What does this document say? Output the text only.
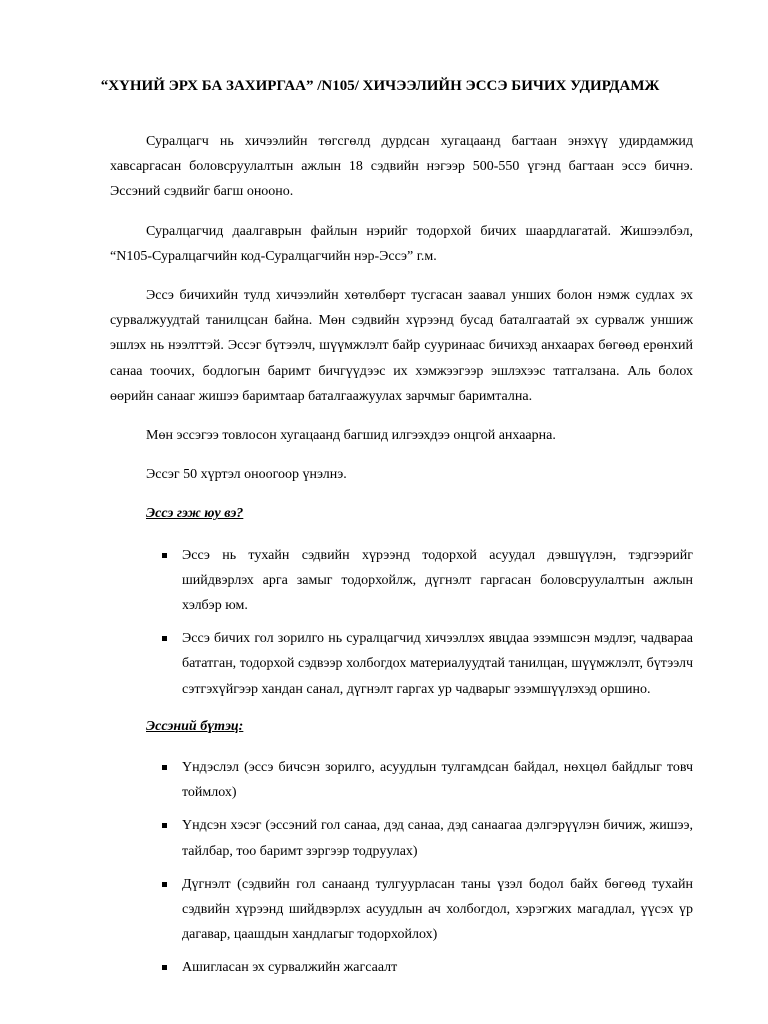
“ХҮНИЙ ЭРХ БА ЗАХИРГАА” /N105/ ХИЧЭЭЛИЙН ЭССЭ БИЧИХ УДИРДАМЖ

Суралцагч нь хичээлийн төгсгөлд дурдсан хугацаанд багтаан энэхүү удирдамжид хавсаргасан боловсруулалтын ажлын 18 сэдвийн нэгээр 500-550 үгэнд багтаан эссэ бичнэ. Эссэний сэдвийг багш онооно.

Суралцагчид даалгаврын файлын нэрийг тодорхой бичих шаардлагатай. Жишээлбэл, “N105-Суралцагчийн код-Суралцагчийн нэр-Эссэ” г.м.

Эссэ бичихийн тулд хичээлийн хөтөлбөрт тусгасан заавал унших болон нэмж судлах эх сурвалжуудтай танилцсан байна. Мөн сэдвийн хүрээнд бусад баталгаатай эх сурвалж уншиж эшлэх нь нээлттэй. Эссэг бүтээлч, шүүмжлэлт байр сууринаас бичихэд анхаарах бөгөөд ерөнхий санаа тоочих, бодлогын баримт бичгүүдээс их хэмжээгээр эшлэхээс татгалзана. Аль болох өөрийн санааг жишээ баримтаар баталгаажуулах зарчмыг баримтална.

Мөн эссэгээ товлосон хугацаанд багшид илгээхдээ онцгой анхаарна.

Эссэг 50 хүртэл оноогоор үнэлнэ.

Эссэ гэж юу вэ?

Эссэ нь тухайн сэдвийн хүрээнд тодорхой асуудал дэвшүүлэн, тэдгээрийг шийдвэрлэх арга замыг тодорхойлж, дүгнэлт гаргасан боловсруулалтын ажлын хэлбэр юм.
Эссэ бичих гол зорилго нь суралцагчид хичээллэх явцдаа эзэмшсэн мэдлэг, чадвараа бататган, тодорхой сэдвээр холбогдох материалуудтай танилцан, шүүмжлэлт, бүтээлч сэтгэхүйгээр хандан санал, дүгнэлт гаргах ур чадварыг эзэмшүүлэхэд оршино.

Эссэний бүтэц:

Үндэслэл (эссэ бичсэн зорилго, асуудлын тулгамдсан байдал, нөхцөл байдлыг товч тоймлох)
Үндсэн хэсэг (эссэний гол санаа, дэд санаа, дэд санаагаа дэлгэрүүлэн бичиж, жишээ, тайлбар, тоо баримт зэргээр тодруулах)
Дүгнэлт (сэдвийн гол санаанд тулгуурласан таны үзэл бодол байх бөгөөд тухайн сэдвийн хүрээнд шийдвэрлэх асуудлын ач холбогдол, хэрэгжих магадлал, үүсэх үр дагавар, цаашдын хандлагыг тодорхойлох)
Ашигласан эх сурвалжийн жагсаалт
